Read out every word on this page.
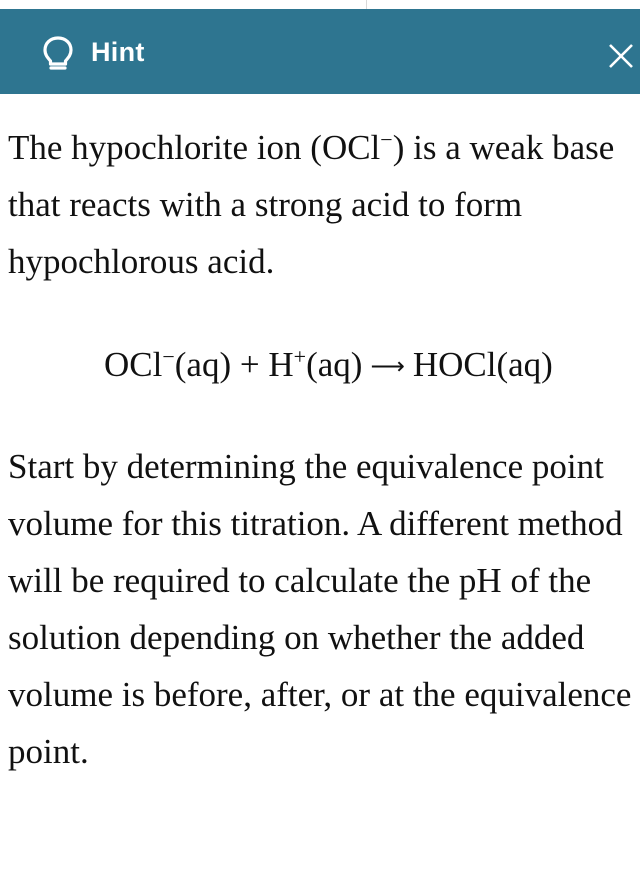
Hint

The hypochlorite ion (OCl−) is a weak base that reacts with a strong acid to form hypochlorous acid.

OCl−(aq) + H+(aq) ⟶ HOCl(aq)

Start by determining the equivalence point volume for this titration. A different method will be required to calculate the pH of the solution depending on whether the added volume is before, after, or at the equivalence point.
